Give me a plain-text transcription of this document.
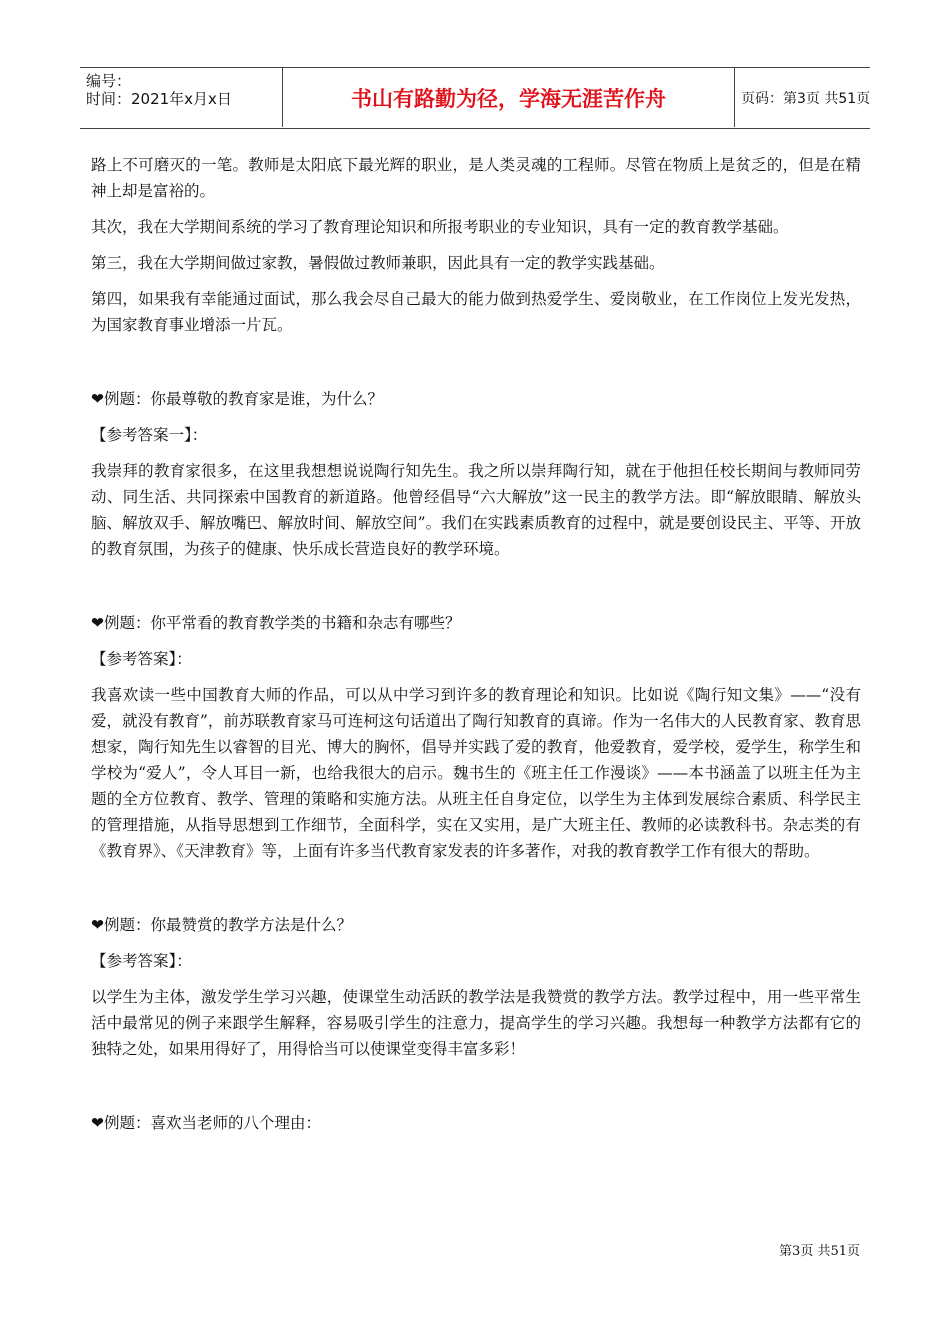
编号：
时间：2021年x月x日	书山有路勤为径，学海无涯苦作舟	页码：第3页 共51页

路上不可磨灭的一笔。教师是太阳底下最光辉的职业，是人类灵魂的工程师。尽管在物质上是贫乏的，但是在精神上却是富裕的。

其次，我在大学期间系统的学习了教育理论知识和所报考职业的专业知识，具有一定的教育教学基础。

第三，我在大学期间做过家教，暑假做过教师兼职，因此具有一定的教学实践基础。

第四，如果我有幸能通过面试，那么我会尽自己最大的能力做到热爱学生、爱岗敬业，在工作岗位上发光发热，为国家教育事业增添一片瓦。

❤例题：你最尊敬的教育家是谁，为什么？

【参考答案一】：

我崇拜的教育家很多，在这里我想想说说陶行知先生。我之所以崇拜陶行知，就在于他担任校长期间与教师同劳动、同生活、共同探索中国教育的新道路。他曾经倡导“六大解放”这一民主的教学方法。即“解放眼睛、解放头脑、解放双手、解放嘴巴、解放时间、解放空间”。我们在实践素质教育的过程中，就是要创设民主、平等、开放的教育氛围，为孩子的健康、快乐成长营造良好的教学环境。

❤例题：你平常看的教育教学类的书籍和杂志有哪些？

【参考答案】：

我喜欢读一些中国教育大师的作品，可以从中学习到许多的教育理论和知识。比如说《陶行知文集》——“没有爱，就没有教育”，前苏联教育家马可连柯这句话道出了陶行知教育的真谛。作为一名伟大的人民教育家、教育思想家，陶行知先生以睿智的目光、博大的胸怀，倡导并实践了爱的教育，他爱教育，爱学校，爱学生，称学生和学校为“爱人”，令人耳目一新，也给我很大的启示。魏书生的《班主任工作漫谈》——本书涵盖了以班主任为主题的全方位教育、教学、管理的策略和实施方法。从班主任自身定位，以学生为主体到发展综合素质、科学民主的管理措施，从指导思想到工作细节，全面科学，实在又实用，是广大班主任、教师的必读教科书。杂志类的有《教育界》、《天津教育》等，上面有许多当代教育家发表的许多著作，对我的教育教学工作有很大的帮助。

❤例题：你最赞赏的教学方法是什么？

【参考答案】：

以学生为主体，激发学生学习兴趣，使课堂生动活跃的教学法是我赞赏的教学方法。教学过程中，用一些平常生活中最常见的例子来跟学生解释，容易吸引学生的注意力，提高学生的学习兴趣。我想每一种教学方法都有它的独特之处，如果用得好了，用得恰当可以使课堂变得丰富多彩！

❤例题：喜欢当老师的八个理由：

第3页 共51页
